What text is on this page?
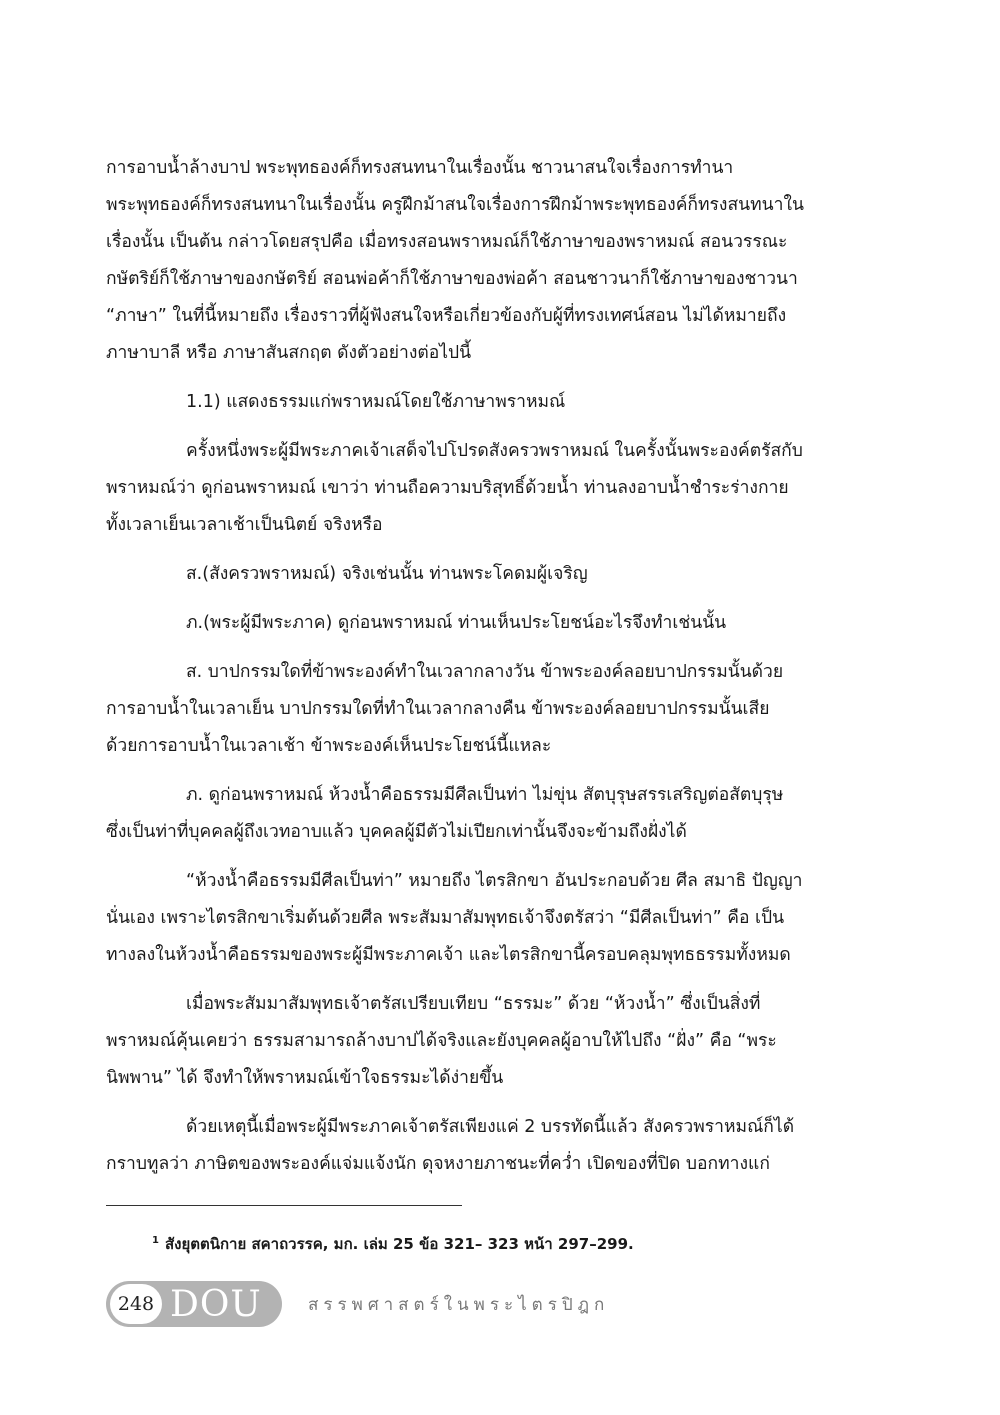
การอาบน้ำล้างบาป พระพุทธองค์ก็ทรงสนทนาในเรื่องนั้น ชาวนาสนใจเรื่องการทำนา
พระพุทธองค์ก็ทรงสนทนาในเรื่องนั้น ครูฝึกม้าสนใจเรื่องการฝึกม้าพระพุทธองค์ก็ทรงสนทนาใน
เรื่องนั้น เป็นต้น กล่าวโดยสรุปคือ เมื่อทรงสอนพราหมณ์ก็ใช้ภาษาของพราหมณ์ สอนวรรณะ
กษัตริย์ก็ใช้ภาษาของกษัตริย์ สอนพ่อค้าก็ใช้ภาษาของพ่อค้า สอนชาวนาก็ใช้ภาษาของชาวนา
“ภาษา” ในที่นี้หมายถึง เรื่องราวที่ผู้ฟังสนใจหรือเกี่ยวข้องกับผู้ที่ทรงเทศน์สอน ไม่ได้หมายถึง
ภาษาบาลี หรือ ภาษาสันสกฤต ดังตัวอย่างต่อไปนี้
1.1) แสดงธรรมแก่พราหมณ์โดยใช้ภาษาพราหมณ์
ครั้งหนึ่งพระผู้มีพระภาคเจ้าเสด็จไปโปรดสังครวพราหมณ์ ในครั้งนั้นพระองค์ตรัสกับ
พราหมณ์ว่า ดูก่อนพราหมณ์ เขาว่า ท่านถือความบริสุทธิ์ด้วยน้ำ ท่านลงอาบน้ำชำระร่างกาย
ทั้งเวลาเย็นเวลาเช้าเป็นนิตย์ จริงหรือ
ส.(สังครวพราหมณ์) จริงเช่นนั้น ท่านพระโคดมผู้เจริญ
ภ.(พระผู้มีพระภาค) ดูก่อนพราหมณ์ ท่านเห็นประโยชน์อะไรจึงทำเช่นนั้น
ส. บาปกรรมใดที่ข้าพระองค์ทำในเวลากลางวัน ข้าพระองค์ลอยบาปกรรมนั้นด้วย
การอาบน้ำในเวลาเย็น บาปกรรมใดที่ทำในเวลากลางคืน ข้าพระองค์ลอยบาปกรรมนั้นเสีย
ด้วยการอาบน้ำในเวลาเช้า ข้าพระองค์เห็นประโยชน์นี้แหละ
ภ. ดูก่อนพราหมณ์ ห้วงน้ำคือธรรมมีศีลเป็นท่า ไม่ขุ่น สัตบุรุษสรรเสริญต่อสัตบุรุษ
ซึ่งเป็นท่าที่บุคคลผู้ถึงเวทอาบแล้ว บุคคลผู้มีตัวไม่เปียกเท่านั้นจึงจะข้ามถึงฝั่งได้
“ห้วงน้ำคือธรรมมีศีลเป็นท่า” หมายถึง ไตรสิกขา อันประกอบด้วย ศีล สมาธิ ปัญญา
นั่นเอง เพราะไตรสิกขาเริ่มต้นด้วยศีล พระสัมมาสัมพุทธเจ้าจึงตรัสว่า “มีศีลเป็นท่า” คือ เป็น
ทางลงในห้วงน้ำคือธรรมของพระผู้มีพระภาคเจ้า และไตรสิกขานี้ครอบคลุมพุทธธรรมทั้งหมด
เมื่อพระสัมมาสัมพุทธเจ้าตรัสเปรียบเทียบ “ธรรมะ” ด้วย “ห้วงน้ำ” ซึ่งเป็นสิ่งที่
พราหมณ์คุ้นเคยว่า ธรรมสามารถล้างบาปได้จริงและยังบุคคลผู้อาบให้ไปถึง “ฝั่ง” คือ “พระ
นิพพาน” ได้ จึงทำให้พราหมณ์เข้าใจธรรมะได้ง่ายขึ้น
ด้วยเหตุนี้เมื่อพระผู้มีพระภาคเจ้าตรัสเพียงแค่ 2 บรรทัดนี้แล้ว สังครวพราหมณ์ก็ได้
กราบทูลว่า ภาษิตของพระองค์แจ่มแจ้งนัก ดุจหงายภาชนะที่คว่ำ เปิดของที่ปิด บอกทางแก่
$^1$ สังยุตตนิกาย สคาถวรรค, มก. เล่ม 25 ข้อ 321– 323 หน้า 297–299.
248 DOU	สรรพศาสตร์ในพระไตรปิฎก
